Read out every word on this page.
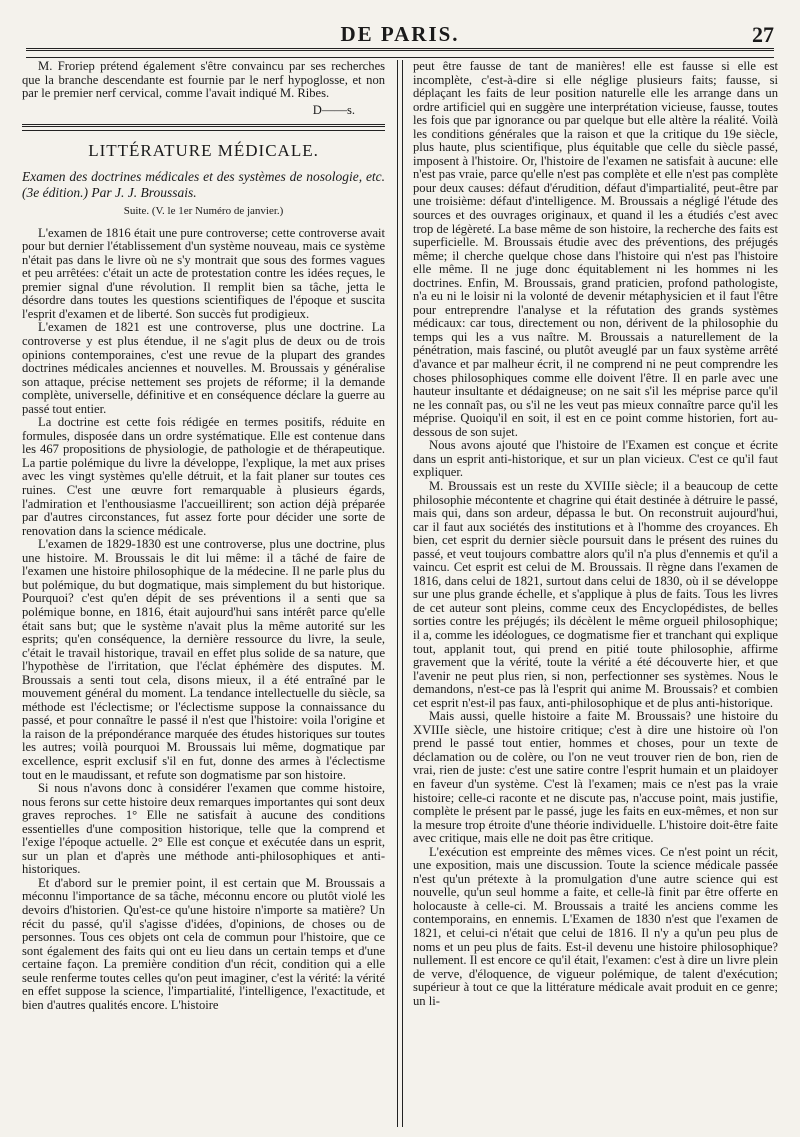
DE PARIS.	27

M. Froriep prétend également s'être convaincu par ses recherches que la branche descendante est fournie par le nerf hypoglosse, et non par le premier nerf cervical, comme l'avait indiqué M. Ribes.

D——s.
LITTÉRATURE MÉDICALE.
Examen des doctrines médicales et des systèmes de nosologie, etc. (3e édition.) Par J. J. Broussais.
Suite. (V. le 1er Numéro de janvier.)

L'examen de 1816 était une pure controverse; cette controverse avait pour but dernier l'établissement d'un système nouveau, mais ce système n'était pas dans le livre où ne s'y montrait que sous des formes vagues et peu arrêtées: c'était un acte de protestation contre les idées reçues, le premier signal d'une révolution. Il remplit bien sa tâche, jetta le désordre dans toutes les questions scientifiques de l'époque et suscita l'esprit d'examen et de liberté. Son succès fut prodigieux.

L'examen de 1821 est une controverse, plus une doctrine. La controverse y est plus étendue, il ne s'agit plus de deux ou de trois opinions contemporaines, c'est une revue de la plupart des grandes doctrines médicales anciennes et nouvelles. M. Broussais y généralise son attaque, précise nettement ses projets de réforme; il la demande complète, universelle, définitive et en conséquence déclare la guerre au passé tout entier.

La doctrine est cette fois rédigée en termes positifs, réduite en formules, disposée dans un ordre systématique. Elle est contenue dans les 467 propositions de physiologie, de pathologie et de thérapeutique. La partie polémique du livre la développe, l'explique, la met aux prises avec les vingt systèmes qu'elle détruit, et la fait planer sur toutes ces ruines. C'est une œuvre fort remarquable à plusieurs égards, l'admiration et l'enthousiasme l'accueillirent; son action déjà préparée par d'autres circonstances, fut assez forte pour décider une sorte de renovation dans la science médicale.

L'examen de 1829-1830 est une controverse, plus une doctrine, plus une histoire. M. Broussais le dit lui même: il a tâché de faire de l'examen une histoire philosophique de la médecine. Il ne parle plus du but polémique, du but dogmatique, mais simplement du but historique. Pourquoi? c'est qu'en dépit de ses préventions il a senti que sa polémique bonne, en 1816, était aujourd'hui sans intérêt parce qu'elle était sans but; que le système n'avait plus la même autorité sur les esprits; qu'en conséquence, la dernière ressource du livre, la seule, c'était le travail historique, travail en effet plus solide de sa nature, que l'hypothèse de l'irritation, que l'éclat éphémère des disputes. M. Broussais a senti tout cela, disons mieux, il a été entraîné par le mouvement général du moment. La tendance intellectuelle du siècle, sa méthode est l'éclectisme; or l'éclectisme suppose la connaissance du passé, et pour connaître le passé il n'est que l'histoire: voila l'origine et la raison de la prépondérance marquée des études historiques sur toutes les autres; voilà pourquoi M. Broussais lui même, dogmatique par excellence, esprit exclusif s'il en fut, donne des armes à l'éclectisme tout en le maudissant, et refute son dogmatisme par son histoire.

Si nous n'avons donc à considérer l'examen que comme histoire, nous ferons sur cette histoire deux remarques importantes qui sont deux graves reproches. 1° Elle ne satisfait à aucune des conditions essentielles d'une composition historique, telle que la comprend et l'exige l'époque actuelle. 2° Elle est conçue et exécutée dans un esprit, sur un plan et d'après une méthode anti-philosophiques et anti-historiques.

Et d'abord sur le premier point, il est certain que M. Broussais a méconnu l'importance de sa tâche, méconnu encore ou plutôt violé les devoirs d'historien. Qu'est-ce qu'une histoire n'importe sa matière? Un récit du passé, qu'il s'agisse d'idées, d'opinions, de choses ou de personnes. Tous ces objets ont cela de commun pour l'histoire, que ce sont également des faits qui ont eu lieu dans un certain temps et d'une certaine façon. La première condition d'un récit, condition qui a elle seule renferme toutes celles qu'on peut imaginer, c'est la vérité: la vérité en effet suppose la science, l'impartialité, l'intelligence, l'exactitude, et bien d'autres qualités encore. L'histoire

peut être fausse de tant de manières! elle est fausse si elle est incomplète, c'est-à-dire si elle néglige plusieurs faits; fausse, si déplaçant les faits de leur position naturelle elle les arrange dans un ordre artificiel qui en suggère une interprétation vicieuse, fausse, toutes les fois que par ignorance ou par quelque but elle altère la réalité. Voilà les conditions générales que la raison et que la critique du 19e siècle, plus haute, plus scientifique, plus équitable que celle du siècle passé, imposent à l'histoire. Or, l'histoire de l'examen ne satisfait à aucune: elle n'est pas vraie, parce qu'elle n'est pas complète et elle n'est pas complète pour deux causes: défaut d'érudition, défaut d'impartialité, peut-être par une troisième: défaut d'intelligence. M. Broussais a négligé l'étude des sources et des ouvrages originaux, et quand il les a étudiés c'est avec trop de légèreté. La base même de son histoire, la recherche des faits est superficielle. M. Broussais étudie avec des préventions, des préjugés même; il cherche quelque chose dans l'histoire qui n'est pas l'histoire elle même. Il ne juge donc équitablement ni les hommes ni les doctrines. Enfin, M. Broussais, grand praticien, profond pathologiste, n'a eu ni le loisir ni la volonté de devenir métaphysicien et il faut l'être pour entreprendre l'analyse et la réfutation des grands systèmes médicaux: car tous, directement ou non, dérivent de la philosophie du temps qui les a vus naître. M. Broussais a naturellement de la pénétration, mais fasciné, ou plutôt aveuglé par un faux système arrêté d'avance et par malheur écrit, il ne comprend ni ne peut comprendre les choses philosophiques comme elle doivent l'être. Il en parle avec une hauteur insultante et dédaigneuse; on ne sait s'il les méprise parce qu'il ne les connaît pas, ou s'il ne les veut pas mieux connaître parce qu'il les méprise. Quoiqu'il en soit, il est en ce point comme historien, fort au-dessous de son sujet.

Nous avons ajouté que l'histoire de l'Examen est conçue et écrite dans un esprit anti-historique, et sur un plan vicieux. C'est ce qu'il faut expliquer.

M. Broussais est un reste du XVIIIe siècle; il a beaucoup de cette philosophie mécontente et chagrine qui était destinée à détruire le passé, mais qui, dans son ardeur, dépassa le but. On reconstruit aujourd'hui, car il faut aux sociétés des institutions et à l'homme des croyances. Eh bien, cet esprit du dernier siècle poursuit dans le présent des ruines du passé, et veut toujours combattre alors qu'il n'a plus d'ennemis et qu'il a vaincu. Cet esprit est celui de M. Broussais. Il règne dans l'examen de 1816, dans celui de 1821, surtout dans celui de 1830, où il se développe sur une plus grande échelle, et s'applique à plus de faits. Tous les livres de cet auteur sont pleins, comme ceux des Encyclopédistes, de belles sorties contre les préjugés; ils décèlent le même orgueil philosophique; il a, comme les idéologues, ce dogmatisme fier et tranchant qui explique tout, applanit tout, qui prend en pitié toute philosophie, affirme gravement que la vérité, toute la vérité a été découverte hier, et que l'avenir ne peut plus rien, si non, perfectionner ses systèmes. Nous le demandons, n'est-ce pas là l'esprit qui anime M. Broussais? et combien cet esprit n'est-il pas faux, anti-philosophique et de plus anti-historique.

Mais aussi, quelle histoire a faite M. Broussais? une histoire du XVIIIe siècle, une histoire critique; c'est à dire une histoire où l'on prend le passé tout entier, hommes et choses, pour un texte de déclamation ou de colère, ou l'on ne veut trouver rien de bon, rien de vrai, rien de juste: c'est une satire contre l'esprit humain et un plaidoyer en faveur d'un système. C'est là l'examen; mais ce n'est pas la vraie histoire; celle-ci raconte et ne discute pas, n'accuse point, mais justifie, complète le présent par le passé, juge les faits en eux-mêmes, et non sur la mesure trop étroite d'une théorie individuelle. L'histoire doit-être faite avec critique, mais elle ne doit pas être critique.

L'exécution est empreinte des mêmes vices. Ce n'est point un récit, une exposition, mais une discussion. Toute la science médicale passée n'est qu'un prétexte à la promulgation d'une autre science qui est nouvelle, qu'un seul homme a faite, et celle-là finit par être offerte en holocauste à celle-ci. M. Broussais a traité les anciens comme les contemporains, en ennemis. L'Examen de 1830 n'est que l'examen de 1821, et celui-ci n'était que celui de 1816. Il n'y a qu'un peu plus de noms et un peu plus de faits. Est-il devenu une histoire philosophique? nullement. Il est encore ce qu'il était, l'examen: c'est à dire un livre plein de verve, d'éloquence, de vigueur polémique, de talent d'exécution; supérieur à tout ce que la littérature médicale avait produit en ce genre; un li-
